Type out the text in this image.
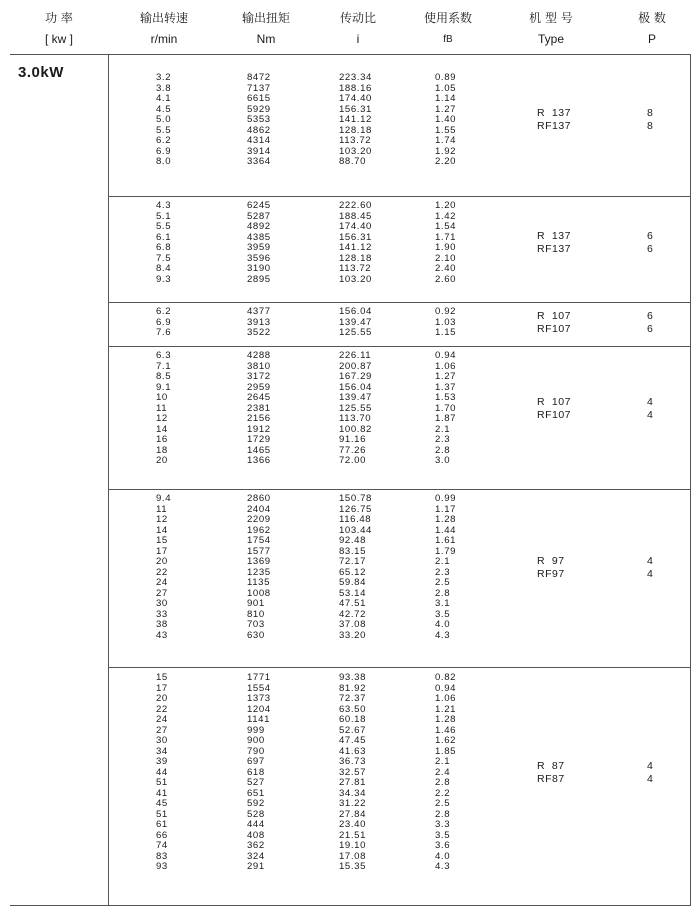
功 率
[ kw ]
输出转速
r/min
输出扭矩
Nm
传动比
i
使用系数
fB
机 型 号
Type
极 数
P
3.0kW	3.2
3.8
4.1
4.5
5.0
5.5
6.2
6.9
8.0
8472
7137
6615
5929
5353
4862
4314
3914
3364
223.34
188.16
174.40
156.31
141.12
128.18
113.72
103.20
88.70
0.89
1.05
1.14
1.27
1.40
1.55
1.74
1.92
2.20
R  137
RF137
8
8
4.3
5.1
5.5
6.1
6.8
7.5
8.4
9.3
6245
5287
4892
4385
3959
3596
3190
2895
222.60
188.45
174.40
156.31
141.12
128.18
113.72
103.20
1.20
1.42
1.54
1.71
1.90
2.10
2.40
2.60
R  137
RF137
6
6
6.2
6.9
7.6
4377
3913
3522
156.04
139.47
125.55
0.92
1.03
1.15
R  107
RF107
6
6
6.3
7.1
8.5
9.1
10
11
12
14
16
18
20
4288
3810
3172
2959
2645
2381
2156
1912
1729
1465
1366
226.11
200.87
167.29
156.04
139.47
125.55
113.70
100.82
91.16
77.26
72.00
0.94
1.06
1.27
1.37
1.53
1.70
1.87
2.1
2.3
2.8
3.0
R  107
RF107
4
4
9.4
11
12
14
15
17
20
22
24
27
30
33
38
43
2860
2404
2209
1962
1754
1577
1369
1235
1135
1008
901
810
703
630
150.78
126.75
116.48
103.44
92.48
83.15
72.17
65.12
59.84
53.14
47.51
42.72
37.08
33.20
0.99
1.17
1.28
1.44
1.61
1.79
2.1
2.3
2.5
2.8
3.1
3.5
4.0
4.3
R  97
RF97
4
4
15
17
20
22
24
27
30
34
39
44
51
41
45
51
61
66
74
83
93
1771
1554
1373
1204
1141
999
900
790
697
618
527
651
592
528
444
408
362
324
291
93.38
81.92
72.37
63.50
60.18
52.67
47.45
41.63
36.73
32.57
27.81
34.34
31.22
27.84
23.40
21.51
19.10
17.08
15.35
0.82
0.94
1.06
1.21
1.28
1.46
1.62
1.85
2.1
2.4
2.8
2.2
2.5
2.8
3.3
3.5
3.6
4.0
4.3
R  87
RF87
4
4
